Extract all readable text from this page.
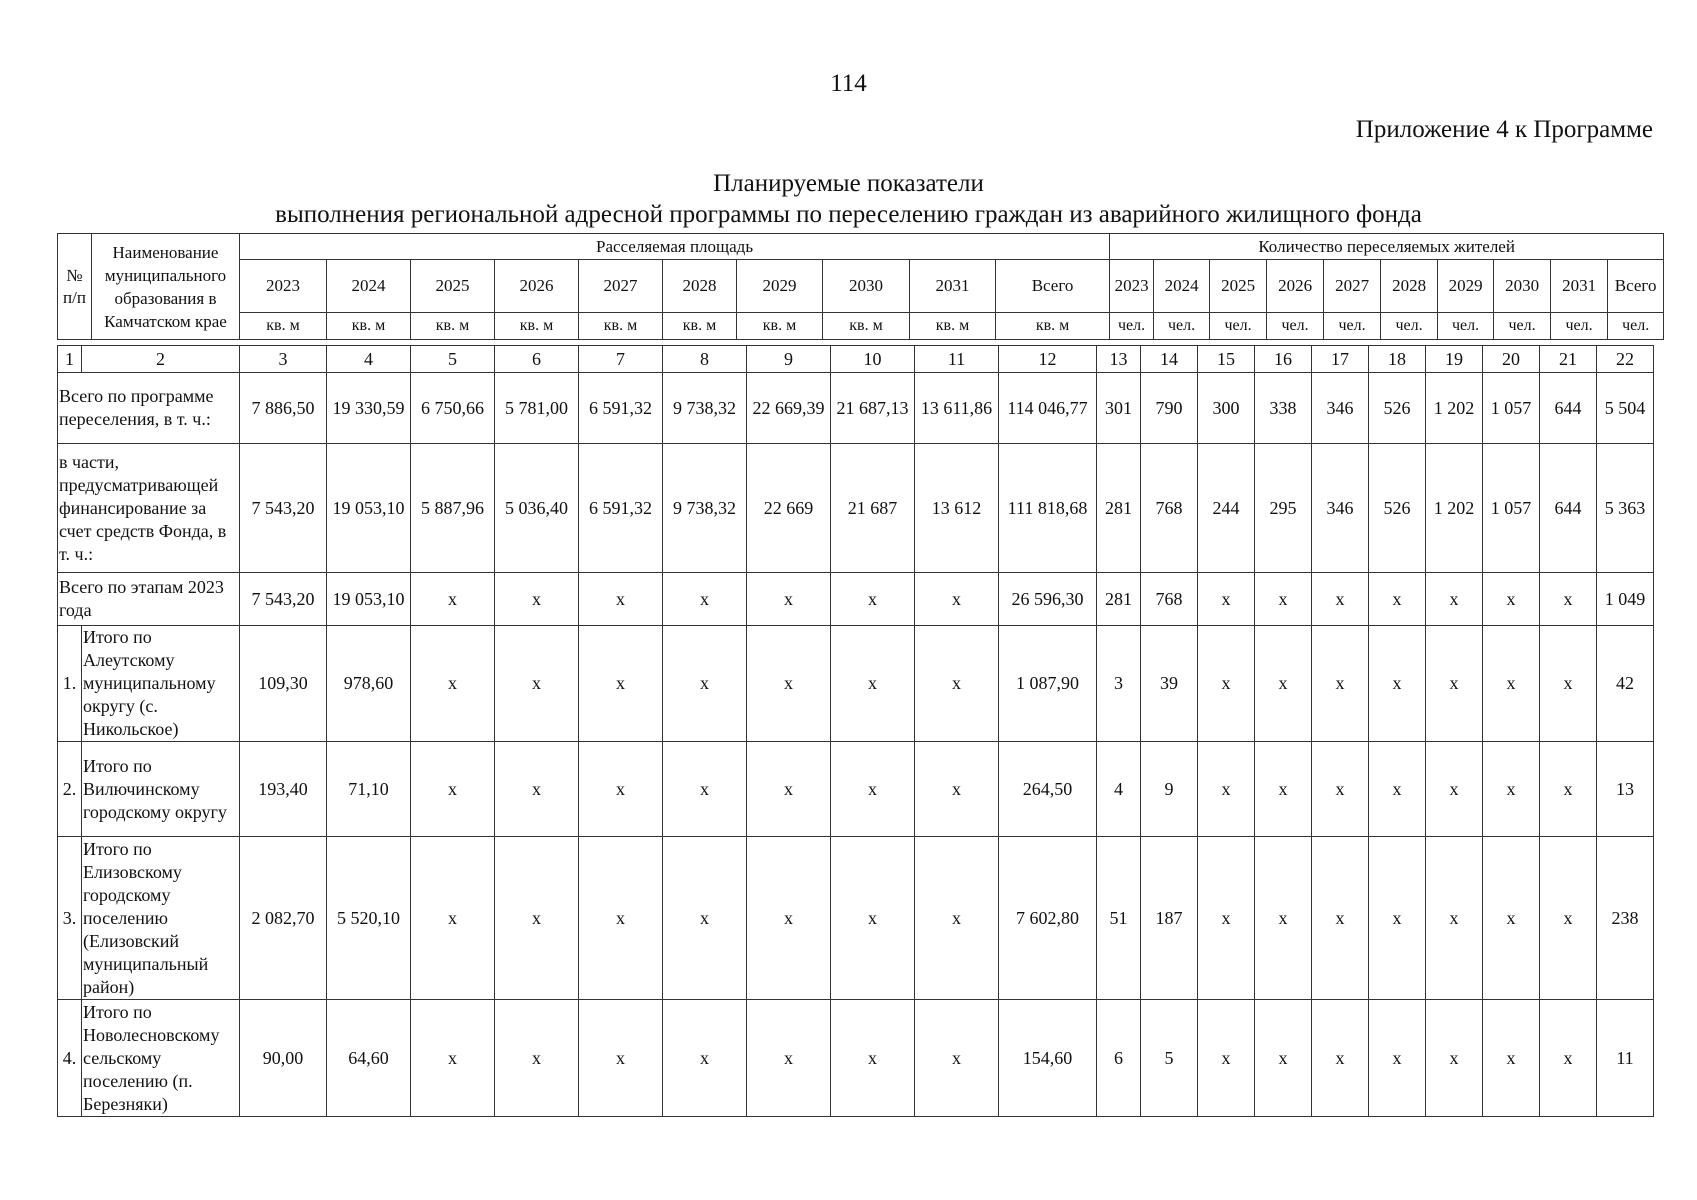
114
Приложение 4 к Программе
Планируемые показатели
выполнения региональной адресной программы по переселению граждан из аварийного жилищного фонда
№ п/п	Наименование муниципального образования в Камчатском крае	Расселяемая площадь										Количество переселяемых жителей									
		2023	2024	2025	2026	2027	2028	2029	2030	2031	Всего	2023	2024	2025	2026	2027	2028	2029	2030	2031	Всего
		кв. м	кв. м	кв. м	кв. м	кв. м	кв. м	кв. м	кв. м	кв. м	кв. м	чел.	чел.	чел.	чел.	чел.	чел.	чел.	чел.	чел.	чел.
1	2	3	4	5	6	7	8	9	10	11	12	13	14	15	16	17	18	19	20	21	22
Всего по программе переселения, в т. ч.:		7 886,50	19 330,59	6 750,66	5 781,00	6 591,32	9 738,32	22 669,39	21 687,13	13 611,86	114 046,77	301	790	300	338	346	526	1 202	1 057	644	5 504
в части, предусматривающей финансирование за счет средств Фонда, в т. ч.:		7 543,20	19 053,10	5 887,96	5 036,40	6 591,32	9 738,32	22 669	21 687	13 612	111 818,68	281	768	244	295	346	526	1 202	1 057	644	5 363
Всего по этапам 2023 года		7 543,20	19 053,10	x	x	x	x	x	x	x	26 596,30	281	768	x	x	x	x	x	x	x	1 049
1.	Итого по Алеутскому муниципальному округу (с. Никольское)	109,30	978,60	x	x	x	x	x	x	x	1 087,90	3	39	x	x	x	x	x	x	x	42
2.	Итого по Вилючинскому городскому округу	193,40	71,10	x	x	x	x	x	x	x	264,50	4	9	x	x	x	x	x	x	x	13
3.	Итого по Елизовскому городскому поселению (Елизовский муниципальный район)	2 082,70	5 520,10	x	x	x	x	x	x	x	7 602,80	51	187	x	x	x	x	x	x	x	238
4.	Итого по Новолесновскому сельскому поселению (п. Березняки)	90,00	64,60	x	x	x	x	x	x	x	154,60	6	5	x	x	x	x	x	x	x	11
